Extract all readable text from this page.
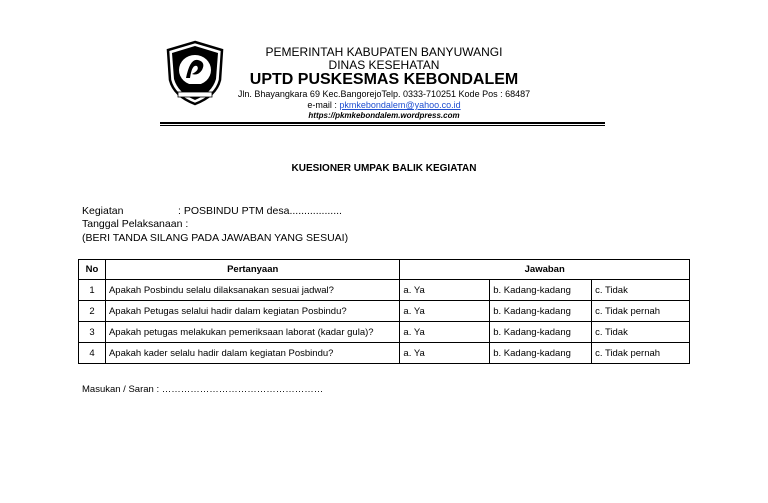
PEMERINTAH KABUPATEN BANYUWANGI
DINAS KESEHATAN
UPTD PUSKESMAS KEBONDALEM
Jln. Bhayangkara 69 Kec.BangorejoTelp. 0333-710251 Kode Pos : 68487
e-mail : pkmkebondalem@yahoo.co.id
https://pkmkebondalem.wordpress.com
KUESIONER UMPAK BALIK KEGIATAN
Kegiatan	: POSBINDU PTM desa..................
Tanggal Pelaksanaan :
(BERI TANDA SILANG PADA JAWABAN YANG SESUAI)
No	Pertanyaan	Jawaban		
1	Apakah Posbindu selalu dilaksanakan sesuai jadwal?	a. Ya	b. Kadang-kadang	c. Tidak
2	Apakah Petugas selalui hadir dalam kegiatan Posbindu?	a. Ya	b. Kadang-kadang	c. Tidak pernah
3	Apakah petugas melakukan pemeriksaan laborat (kadar gula)?	a. Ya	b. Kadang-kadang	c. Tidak
4	Apakah kader selalu hadir dalam kegiatan Posbindu?	a. Ya	b. Kadang-kadang	c. Tidak pernah
Masukan / Saran : ……………………………………………
